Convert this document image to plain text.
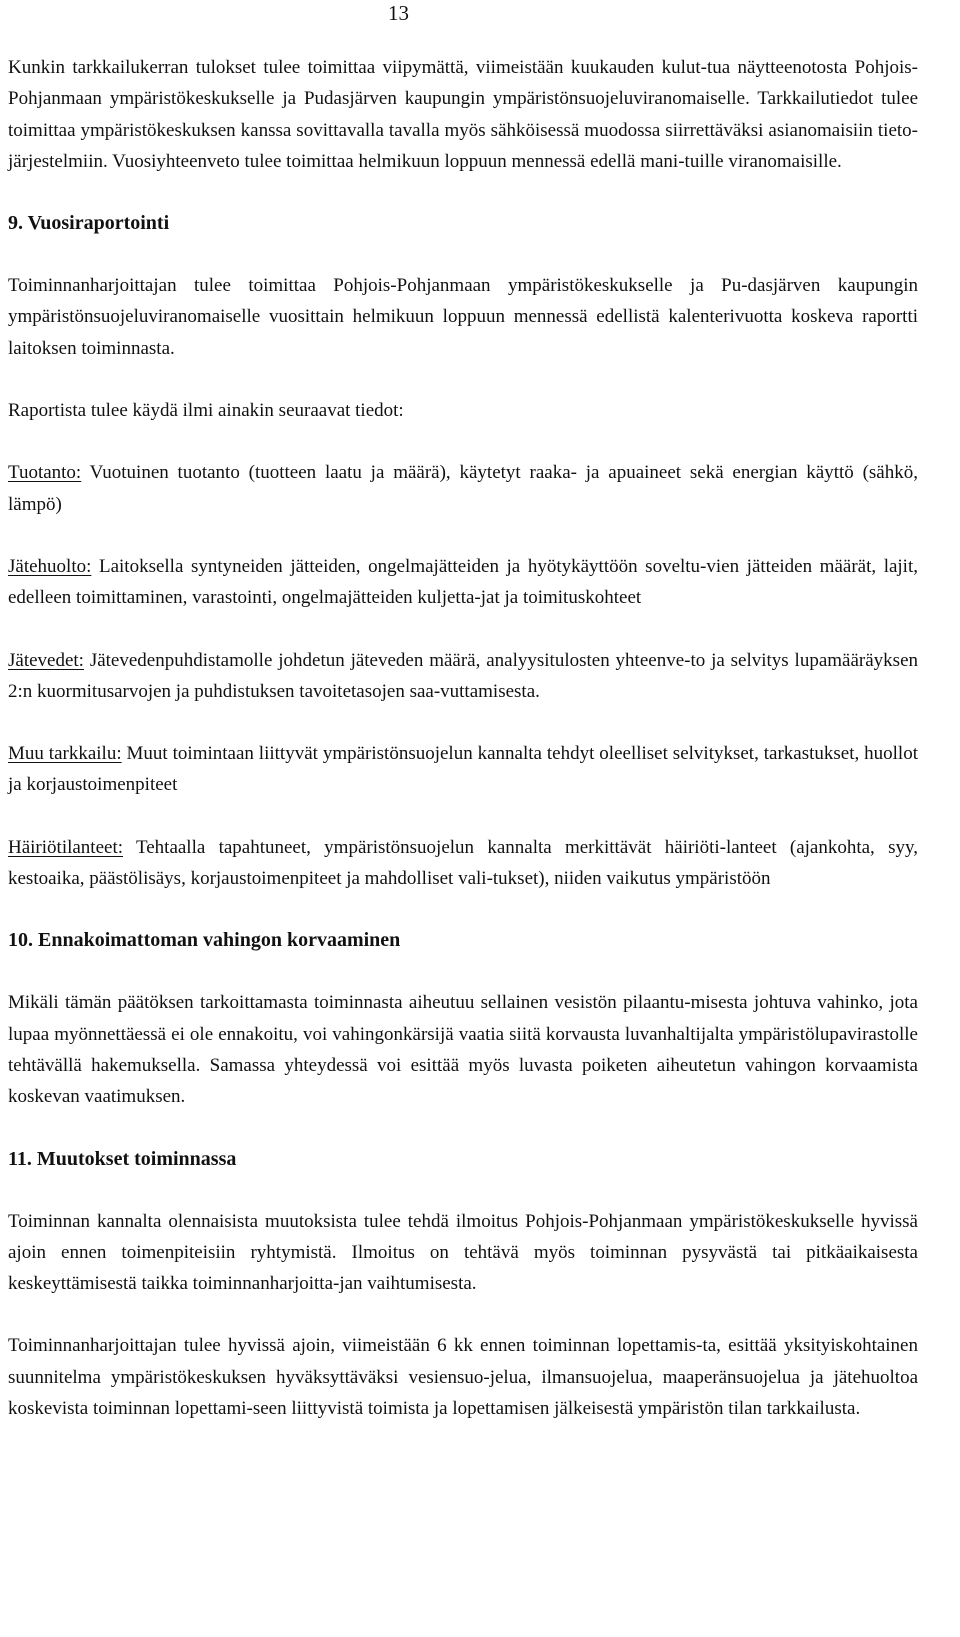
13

Kunkin tarkkailukerran tulokset tulee toimittaa viipymättä, viimeistään kuukauden kulut-tua näytteenotosta Pohjois-Pohjanmaan ympäristökeskukselle ja Pudasjärven kaupungin ympäristönsuojeluviranomaiselle. Tarkkailutiedot tulee toimittaa ympäristökeskuksen kanssa sovittavalla tavalla myös sähköisessä muodossa siirrettäväksi asianomaisiin tieto-järjestelmiin. Vuosiyhteenveto tulee toimittaa helmikuun loppuun mennessä edellä mani-tuille viranomaisille.

9. Vuosiraportointi

Toiminnanharjoittajan tulee toimittaa Pohjois-Pohjanmaan ympäristökeskukselle ja Pu-dasjärven kaupungin ympäristönsuojeluviranomaiselle vuosittain helmikuun loppuun mennessä edellistä kalenterivuotta koskeva raportti laitoksen toiminnasta.

Raportista tulee käydä ilmi ainakin seuraavat tiedot:

Tuotanto: Vuotuinen tuotanto (tuotteen laatu ja määrä), käytetyt raaka- ja apuaineet sekä energian käyttö (sähkö, lämpö)

Jätehuolto: Laitoksella syntyneiden jätteiden, ongelmajätteiden ja hyötykäyttöön soveltu-vien jätteiden määrät, lajit, edelleen toimittaminen, varastointi, ongelmajätteiden kuljetta-jat ja toimituskohteet

Jätevedet: Jätevedenpuhdistamolle johdetun jäteveden määrä, analyysitulosten yhteenve-to ja selvitys lupamääräyksen 2:n kuormitusarvojen ja puhdistuksen tavoitetasojen saa-vuttamisesta.

Muu tarkkailu: Muut toimintaan liittyvät ympäristönsuojelun kannalta tehdyt oleelliset selvitykset, tarkastukset, huollot ja korjaustoimenpiteet

Häiriötilanteet: Tehtaalla tapahtuneet, ympäristönsuojelun kannalta merkittävät häiriöti-lanteet (ajankohta, syy, kestoaika, päästölisäys, korjaustoimenpiteet ja mahdolliset vali-tukset), niiden vaikutus ympäristöön

10. Ennakoimattoman vahingon korvaaminen

Mikäli tämän päätöksen tarkoittamasta toiminnasta aiheutuu sellainen vesistön pilaantu-misesta johtuva vahinko, jota lupaa myönnettäessä ei ole ennakoitu, voi vahingonkärsijä vaatia siitä korvausta luvanhaltijalta ympäristölupavirastolle tehtävällä hakemuksella. Samassa yhteydessä voi esittää myös luvasta poiketen aiheutetun vahingon korvaamista koskevan vaatimuksen.

11. Muutokset toiminnassa

Toiminnan kannalta olennaisista muutoksista tulee tehdä ilmoitus Pohjois-Pohjanmaan ympäristökeskukselle hyvissä ajoin ennen toimenpiteisiin ryhtymistä. Ilmoitus on tehtävä myös toiminnan pysyvästä tai pitkäaikaisesta keskeyttämisestä taikka toiminnanharjoitta-jan vaihtumisesta.

Toiminnanharjoittajan tulee hyvissä ajoin, viimeistään 6 kk ennen toiminnan lopettamis-ta, esittää yksityiskohtainen suunnitelma ympäristökeskuksen hyväksyttäväksi vesiensuo-jelua, ilmansuojelua, maaperänsuojelua ja jätehuoltoa koskevista toiminnan lopettami-seen liittyvistä toimista ja lopettamisen jälkeisestä ympäristön tilan tarkkailusta.
